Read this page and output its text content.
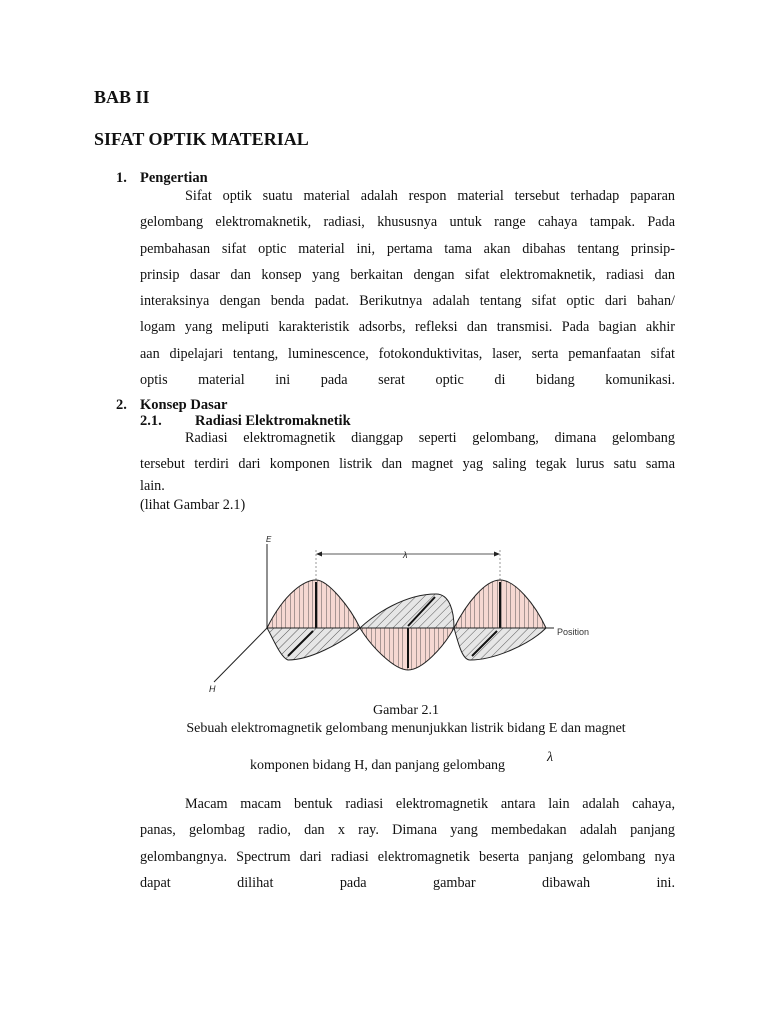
BAB II
SIFAT OPTIK MATERIAL
1. Pengertian
Sifat optik suatu material adalah respon material tersebut terhadap paparan
gelombang elektromaknetik, radiasi, khususnya untuk range cahaya tampak. Pada
pembahasan sifat optic material ini, pertama tama akan dibahas tentang prinsip-
prinsip dasar dan konsep yang berkaitan dengan sifat elektromaknetik, radiasi dan
interaksinya dengan benda padat. Berikutnya adalah tentang sifat optic dari bahan/
logam yang meliputi karakteristik adsorbs, refleksi dan transmisi. Pada bagian akhir
aan dipelajari tentang, luminescence, fotokonduktivitas, laser, serta pemanfaatan sifat
optis material ini pada serat optic di bidang komunikasi.
2. Konsep Dasar
2.1. Radiasi Elektromaknetik
Radiasi elektromagnetik dianggap seperti gelombang, dimana gelombang
tersebut terdiri dari komponen listrik dan magnet yag saling tegak lurus satu sama
lain.
(lihat Gambar 2.1)
E
H
λ
Position
Gambar 2.1
Sebuah elektromagnetik gelombang menunjukkan listrik bidang E dan magnet
komponen bidang H, dan panjang gelombang
λ
Macam macam bentuk radiasi elektromagnetik antara lain adalah cahaya,
panas, gelombag radio, dan x ray. Dimana yang membedakan adalah panjang
gelombangnya. Spectrum dari radiasi elektromagnetik beserta panjang gelombang nya
dapat dilihat pada gambar dibawah ini.
